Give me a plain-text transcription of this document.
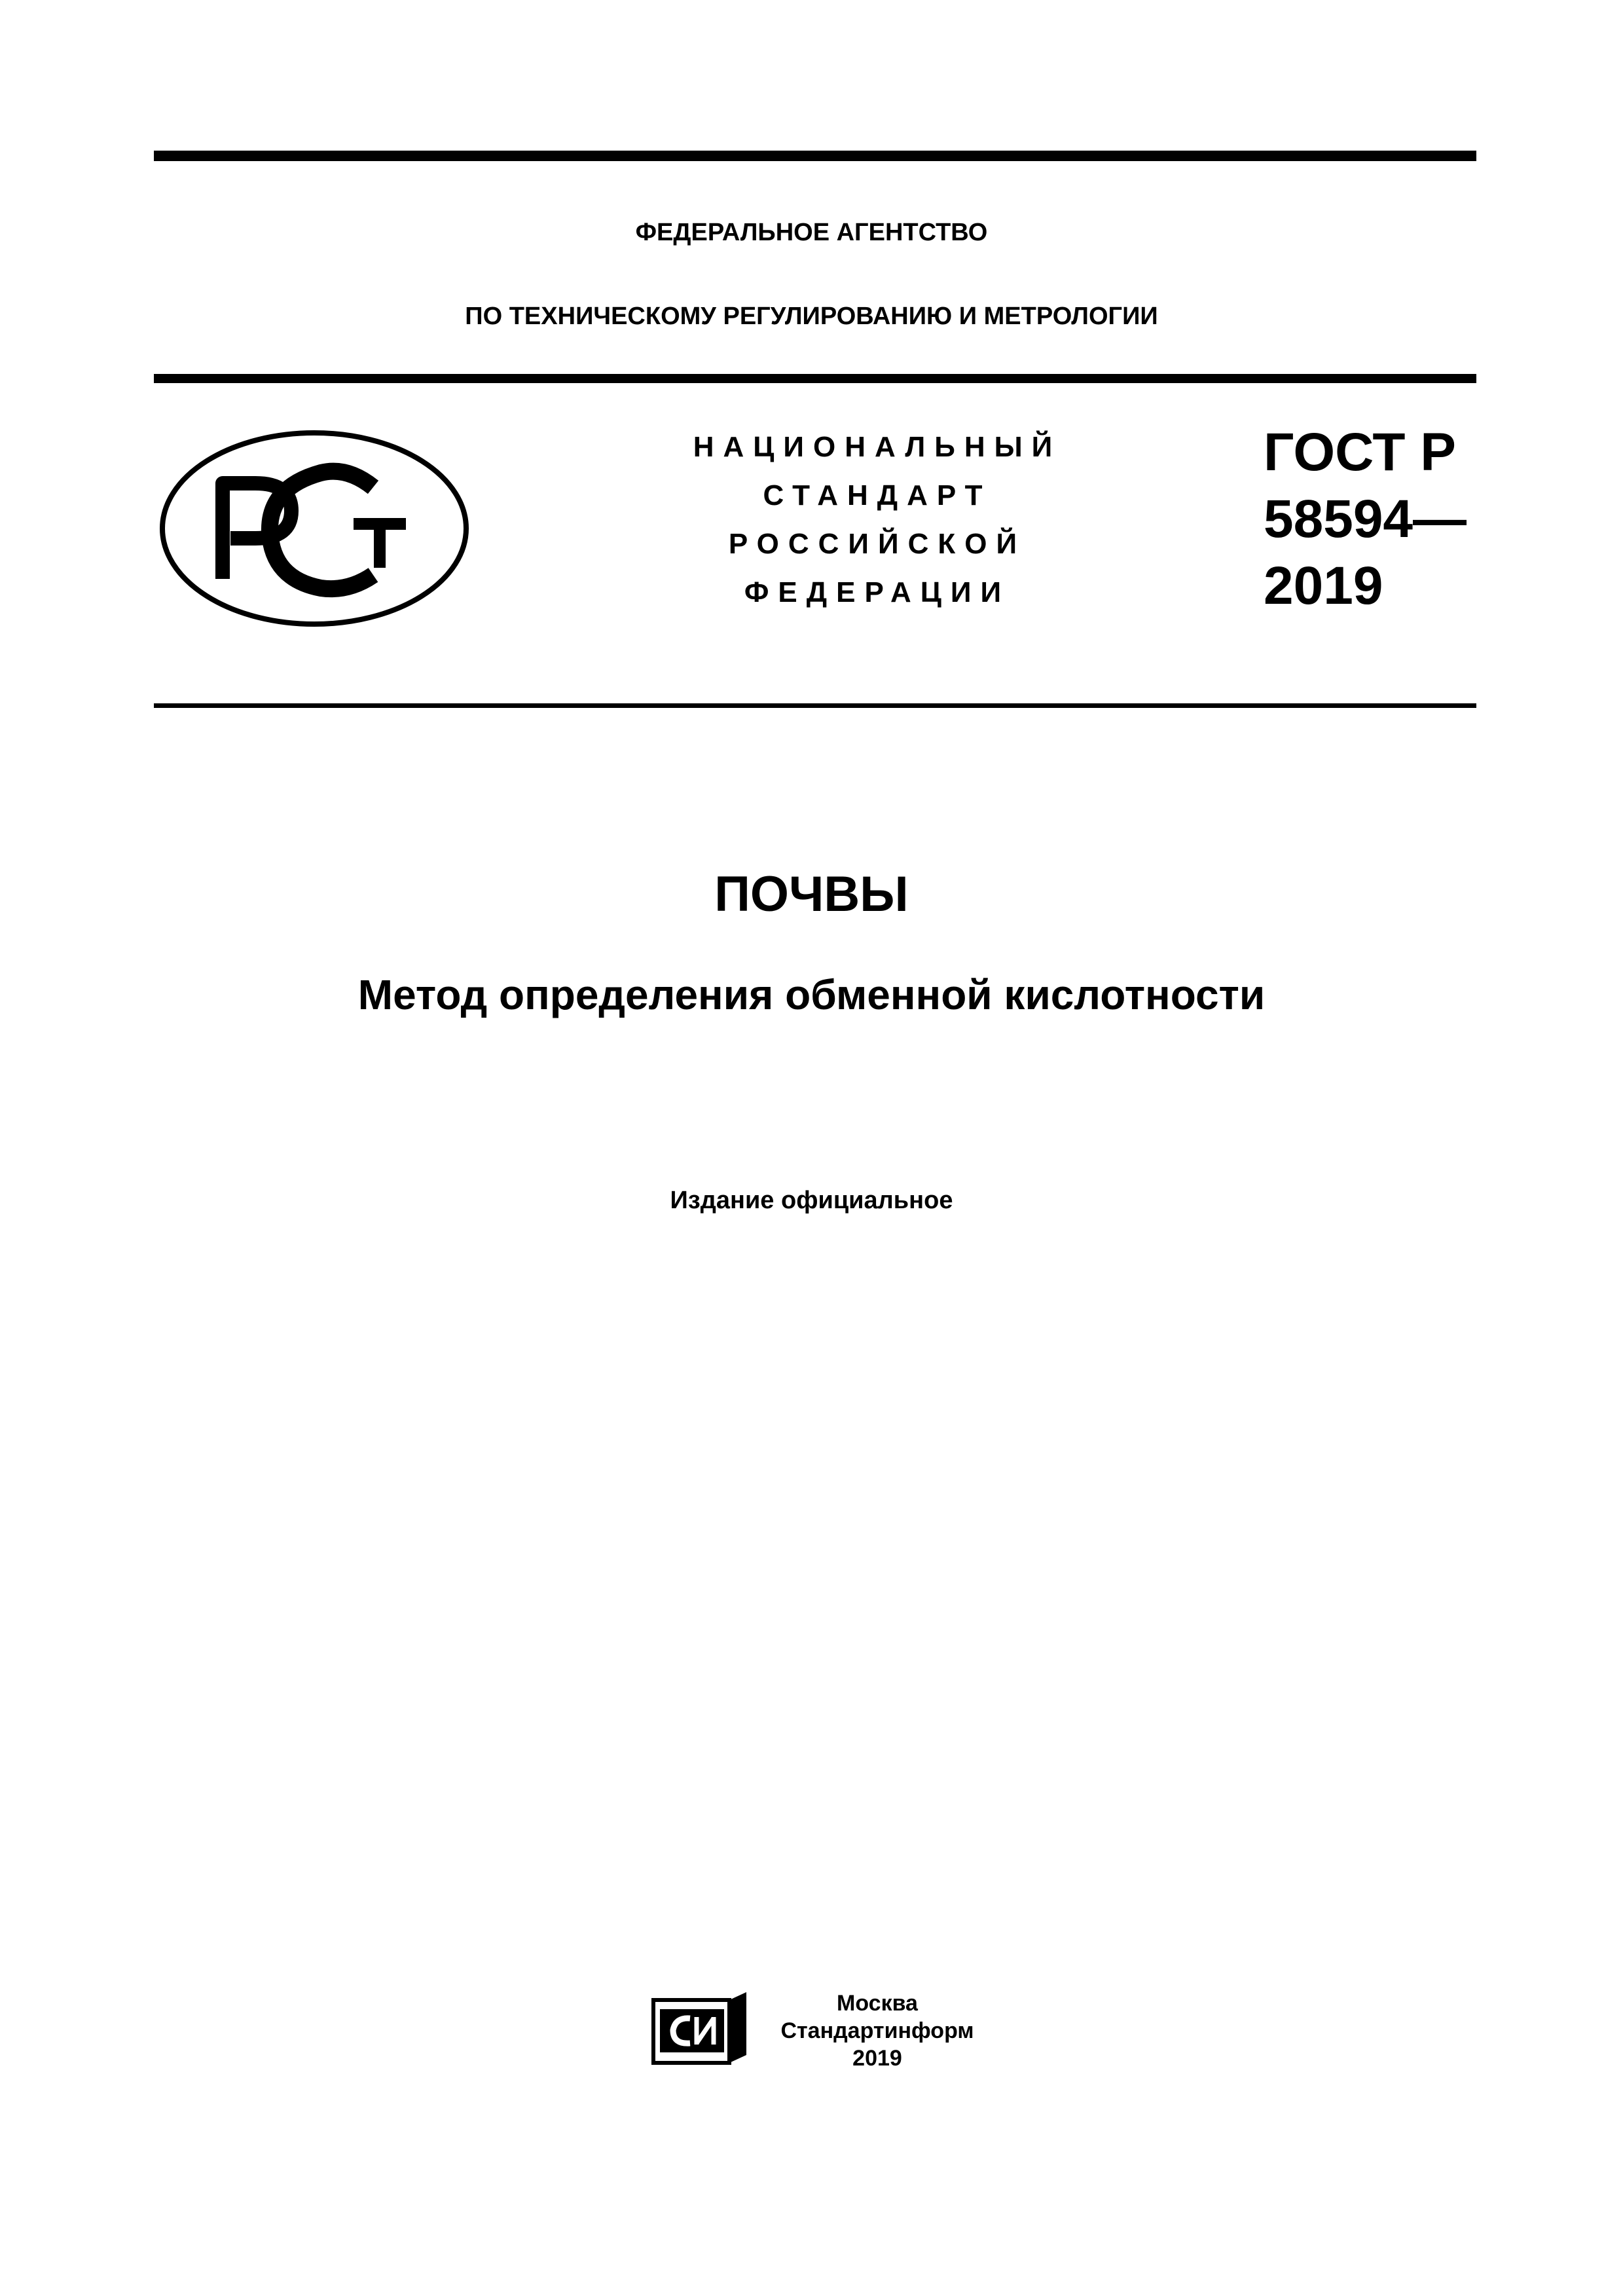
ФЕДЕРАЛЬНОЕ АГЕНТСТВО
ПО ТЕХНИЧЕСКОМУ РЕГУЛИРОВАНИЮ И МЕТРОЛОГИИ
НАЦИОНАЛЬНЫЙ
СТАНДАРТ
РОССИЙСКОЙ
ФЕДЕРАЦИИ
ГОСТ Р
58594—
2019
ПОЧВЫ
Метод определения обменной кислотности
Издание официальное
Москва
Стандартинформ
2019
